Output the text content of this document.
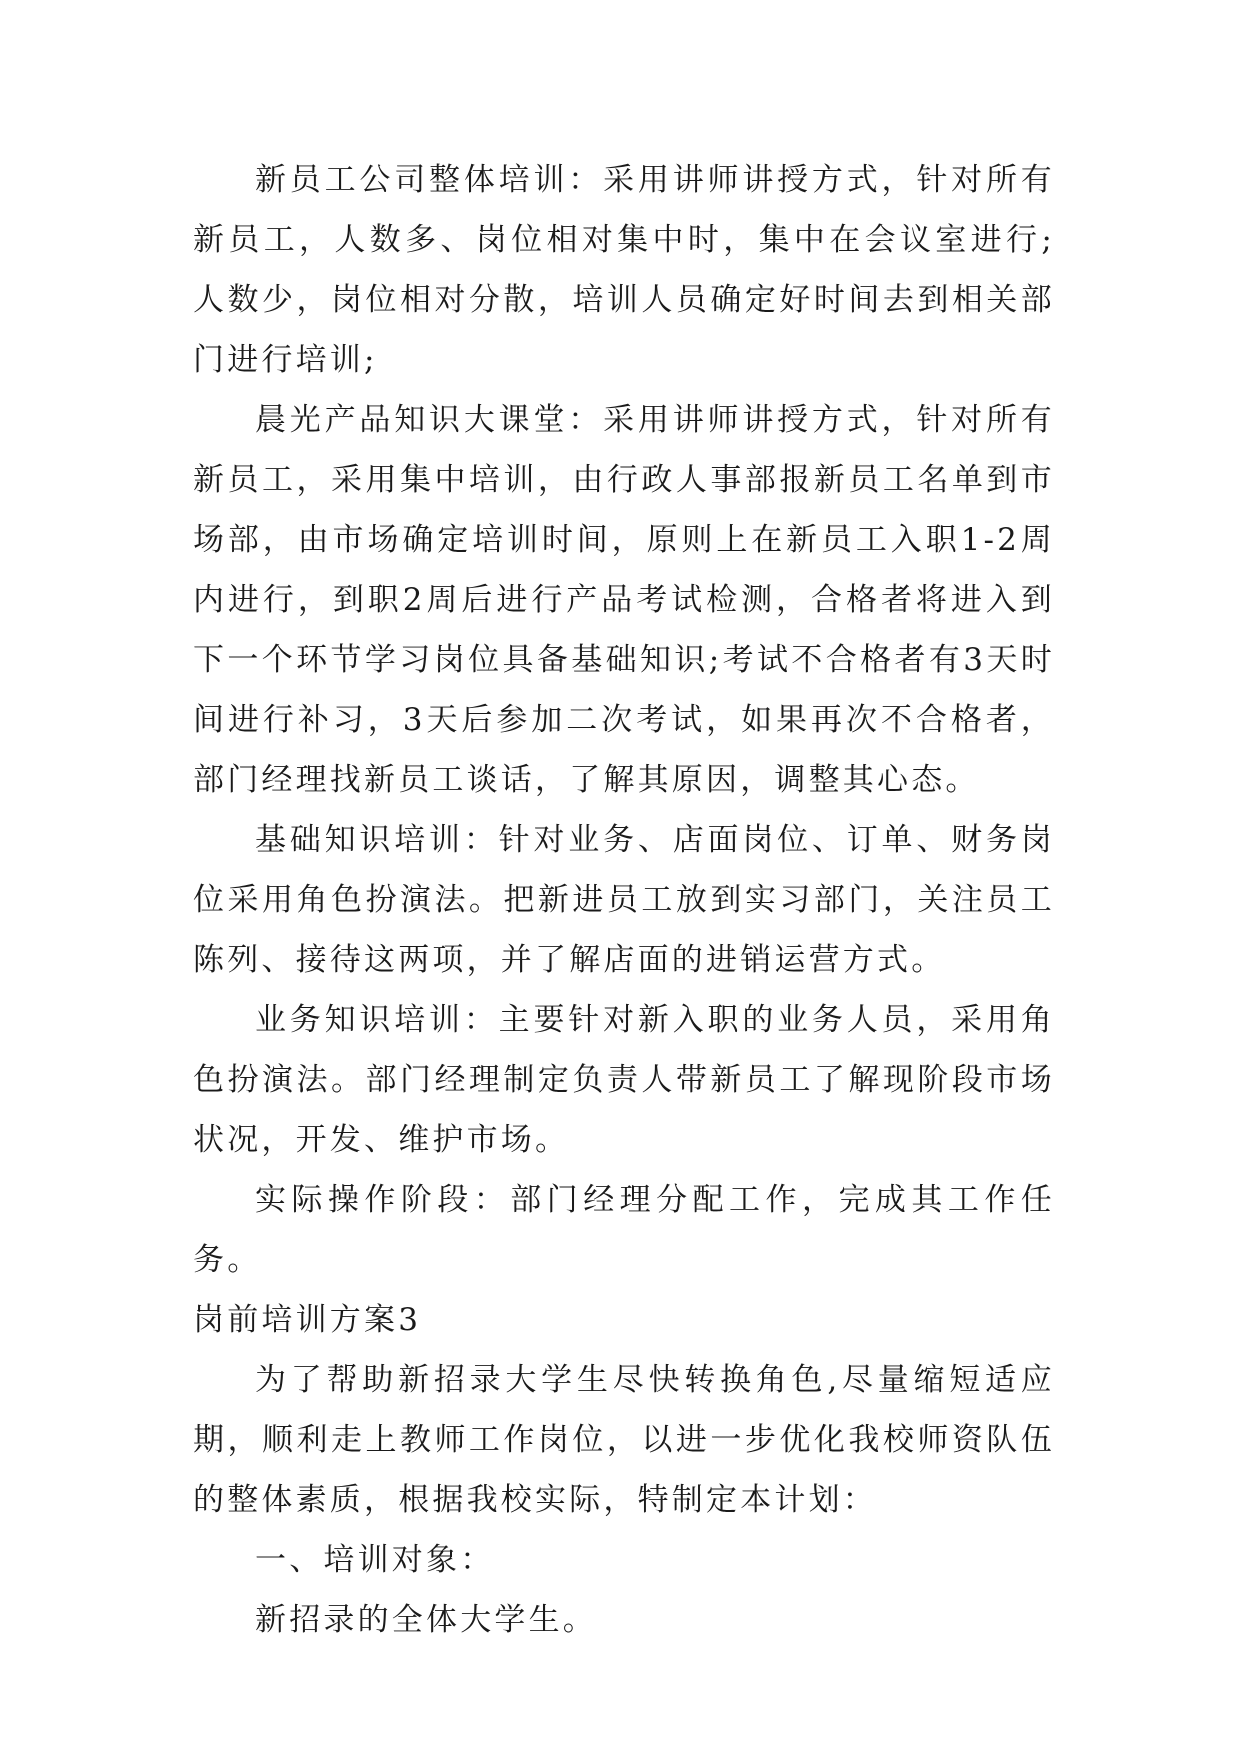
新员工公司整体培训：采用讲师讲授方式，针对所有新员工，人数多、岗位相对集中时，集中在会议室进行;人数少，岗位相对分散，培训人员确定好时间去到相关部门进行培训;

晨光产品知识大课堂：采用讲师讲授方式，针对所有新员工，采用集中培训，由行政人事部报新员工名单到市场部，由市场确定培训时间，原则上在新员工入职1-2周内进行，到职2周后进行产品考试检测，合格者将进入到下一个环节学习岗位具备基础知识;考试不合格者有3天时间进行补习，3天后参加二次考试，如果再次不合格者，部门经理找新员工谈话，了解其原因，调整其心态。

基础知识培训：针对业务、店面岗位、订单、财务岗位采用角色扮演法。把新进员工放到实习部门，关注员工陈列、接待这两项，并了解店面的进销运营方式。

业务知识培训：主要针对新入职的业务人员，采用角色扮演法。部门经理制定负责人带新员工了解现阶段市场状况，开发、维护市场。

实际操作阶段：部门经理分配工作，完成其工作任务。

岗前培训方案3

为了帮助新招录大学生尽快转换角色,尽量缩短适应期，顺利走上教师工作岗位，以进一步优化我校师资队伍的整体素质，根据我校实际，特制定本计划：

一、培训对象：

新招录的全体大学生。
